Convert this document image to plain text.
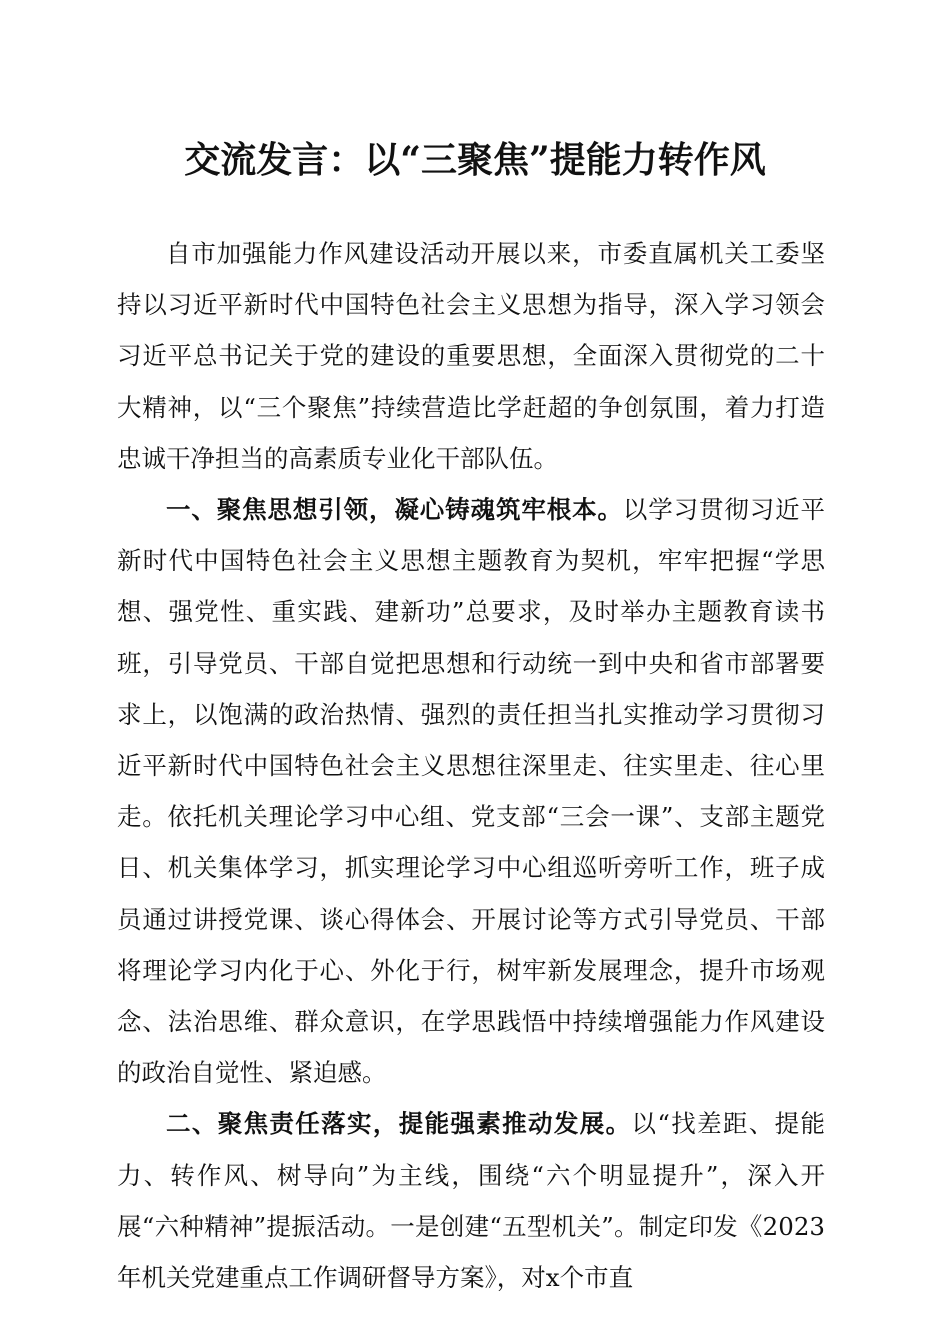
交流发言：以“三聚焦”提能力转作风

自市加强能力作风建设活动开展以来，市委直属机关工委坚持以习近平新时代中国特色社会主义思想为指导，深入学习领会习近平总书记关于党的建设的重要思想，全面深入贯彻党的二十大精神，以“三个聚焦”持续营造比学赶超的争创氛围，着力打造忠诚干净担当的高素质专业化干部队伍。

一、聚焦思想引领，凝心铸魂筑牢根本。以学习贯彻习近平新时代中国特色社会主义思想主题教育为契机，牢牢把握“学思想、强党性、重实践、建新功”总要求，及时举办主题教育读书班，引导党员、干部自觉把思想和行动统一到中央和省市部署要求上，以饱满的政治热情、强烈的责任担当扎实推动学习贯彻习近平新时代中国特色社会主义思想往深里走、往实里走、往心里走。依托机关理论学习中心组、党支部“三会一课”、支部主题党日、机关集体学习，抓实理论学习中心组巡听旁听工作，班子成员通过讲授党课、谈心得体会、开展讨论等方式引导党员、干部将理论学习内化于心、外化于行，树牢新发展理念，提升市场观念、法治思维、群众意识，在学思践悟中持续增强能力作风建设的政治自觉性、紧迫感。

二、聚焦责任落实，提能强素推动发展。以“找差距、提能力、转作风、树导向”为主线，围绕“六个明显提升”，深入开展“六种精神”提振活动。一是创建“五型机关”。制定印发《2023年机关党建重点工作调研督导方案》，对x个市直
